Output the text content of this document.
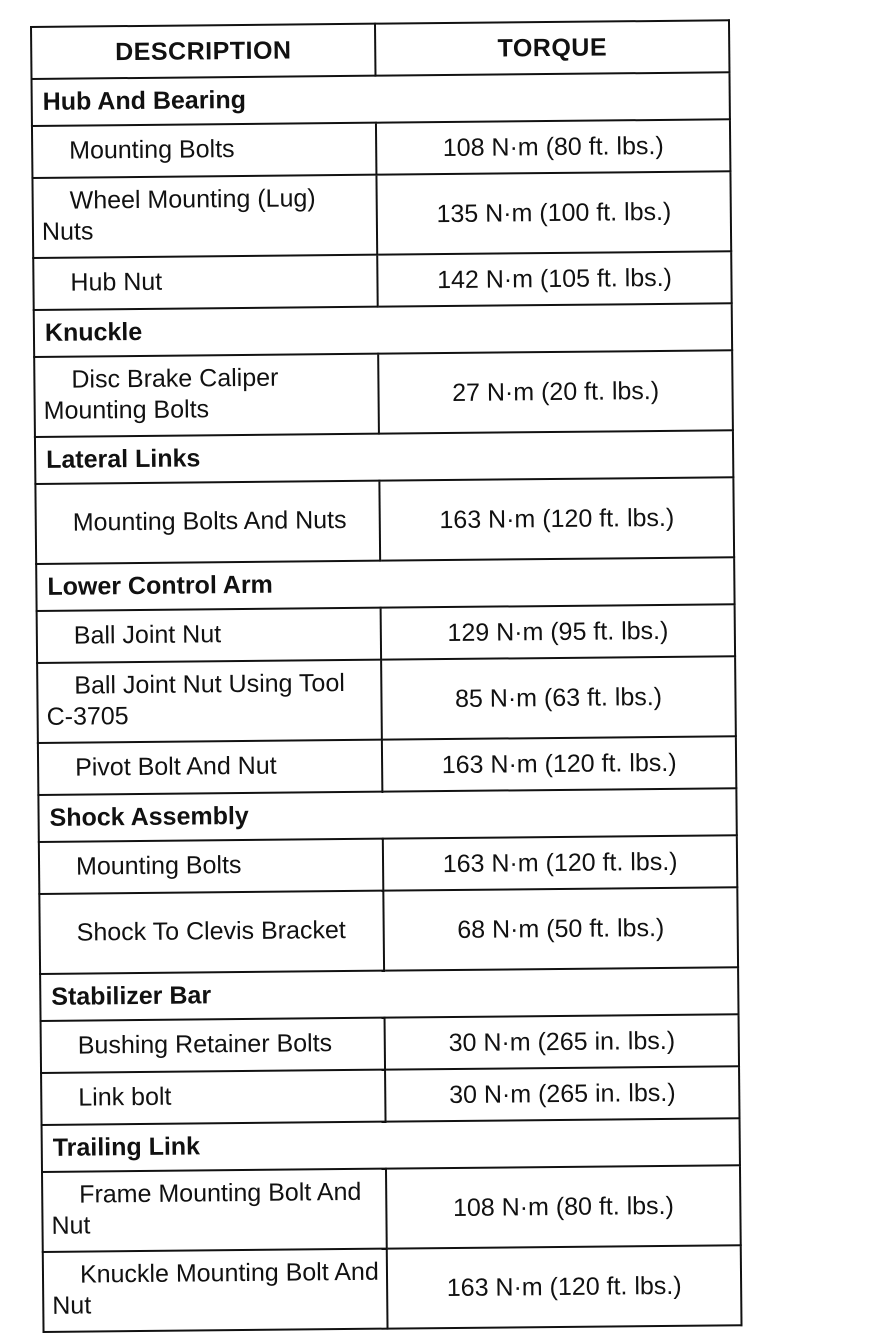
DESCRIPTION	TORQUE
Hub And Bearing	
Mounting Bolts	108 N·m (80 ft. lbs.)
Wheel Mounting (Lug) Nuts	135 N·m (100 ft. lbs.)
Hub Nut	142 N·m (105 ft. lbs.)
Knuckle	
Disc Brake Caliper Mounting Bolts	27 N·m (20 ft. lbs.)
Lateral Links	
Mounting Bolts And Nuts	163 N·m (120 ft. lbs.)
Lower Control Arm	
Ball Joint Nut	129 N·m (95 ft. lbs.)
Ball Joint Nut Using Tool C-3705	85 N·m (63 ft. lbs.)
Pivot Bolt And Nut	163 N·m (120 ft. lbs.)
Shock Assembly	
Mounting Bolts	163 N·m (120 ft. lbs.)
Shock To Clevis Bracket	68 N·m (50 ft. lbs.)
Stabilizer Bar	
Bushing Retainer Bolts	30 N·m (265 in. lbs.)
Link bolt	30 N·m (265 in. lbs.)
Trailing Link	
Frame Mounting Bolt And Nut	108 N·m (80 ft. lbs.)
Knuckle Mounting Bolt And Nut	163 N·m (120 ft. lbs.)
